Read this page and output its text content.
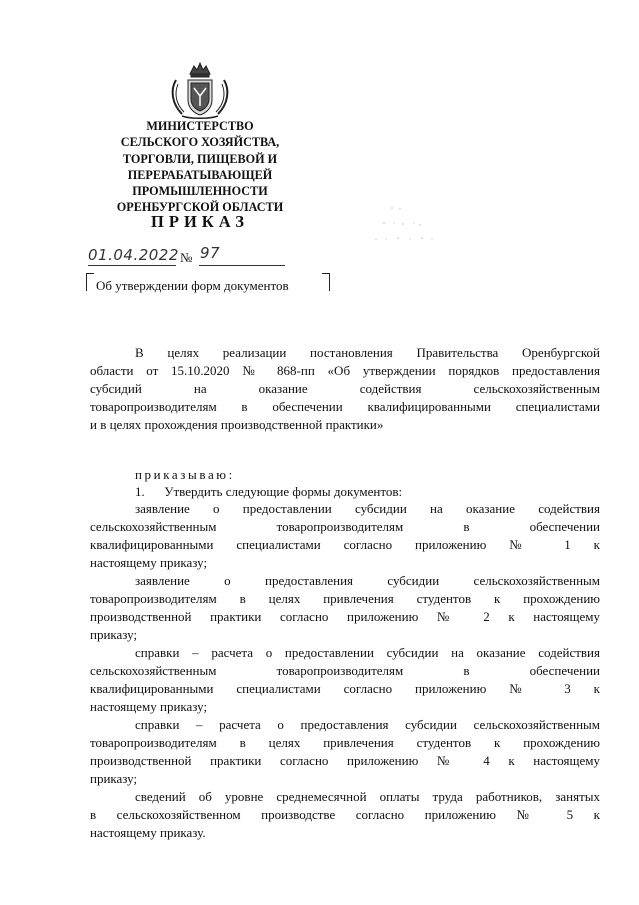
МИНИСТЕРСТВО
СЕЛЬСКОГО ХОЗЯЙСТВА,
ТОРГОВЛИ, ПИЩЕВОЙ И
ПЕРЕРАБАТЫВАЮЩЕЙ
ПРОМЫШЛЕННОСТИ
ОРЕНБУРГСКОЙ ОБЛАСТИ
ПРИКАЗ
01.04.2022 № 97
Об утверждении форм документов
В целях реализации постановления Правительства Оренбургской
области от 15.10.2020 № 868-пп «Об утверждении порядков предоставления
субсидий на оказание содействия сельскохозяйственным
товаропроизводителям в обеспечении квалифицированными специалистами
и в целях прохождения производственной практики»
приказываю:
1.      Утвердить следующие формы документов:
заявление о предоставлении субсидии на оказание содействия
сельскохозяйственным товаропроизводителям в обеспечении
квалифицированными специалистами согласно приложению № 1 к
настоящему приказу;
заявление о предоставления субсидии сельскохозяйственным
товаропроизводителям в целях привлечения студентов к прохождению
производственной практики согласно приложению № 2 к настоящему
приказу;
справки – расчета о предоставлении субсидии на оказание содействия
сельскохозяйственным товаропроизводителям в обеспечении
квалифицированными специалистами согласно приложению № 3 к
настоящему приказу;
справки – расчета о предоставления субсидии сельскохозяйственным
товаропроизводителям в целях привлечения студентов к прохождению
производственной практики согласно приложению № 4 к настоящему
приказу;
сведений об уровне среднемесячной оплаты труда работников, занятых
в сельскохозяйственном производстве согласно приложению № 5 к
настоящему приказу.
